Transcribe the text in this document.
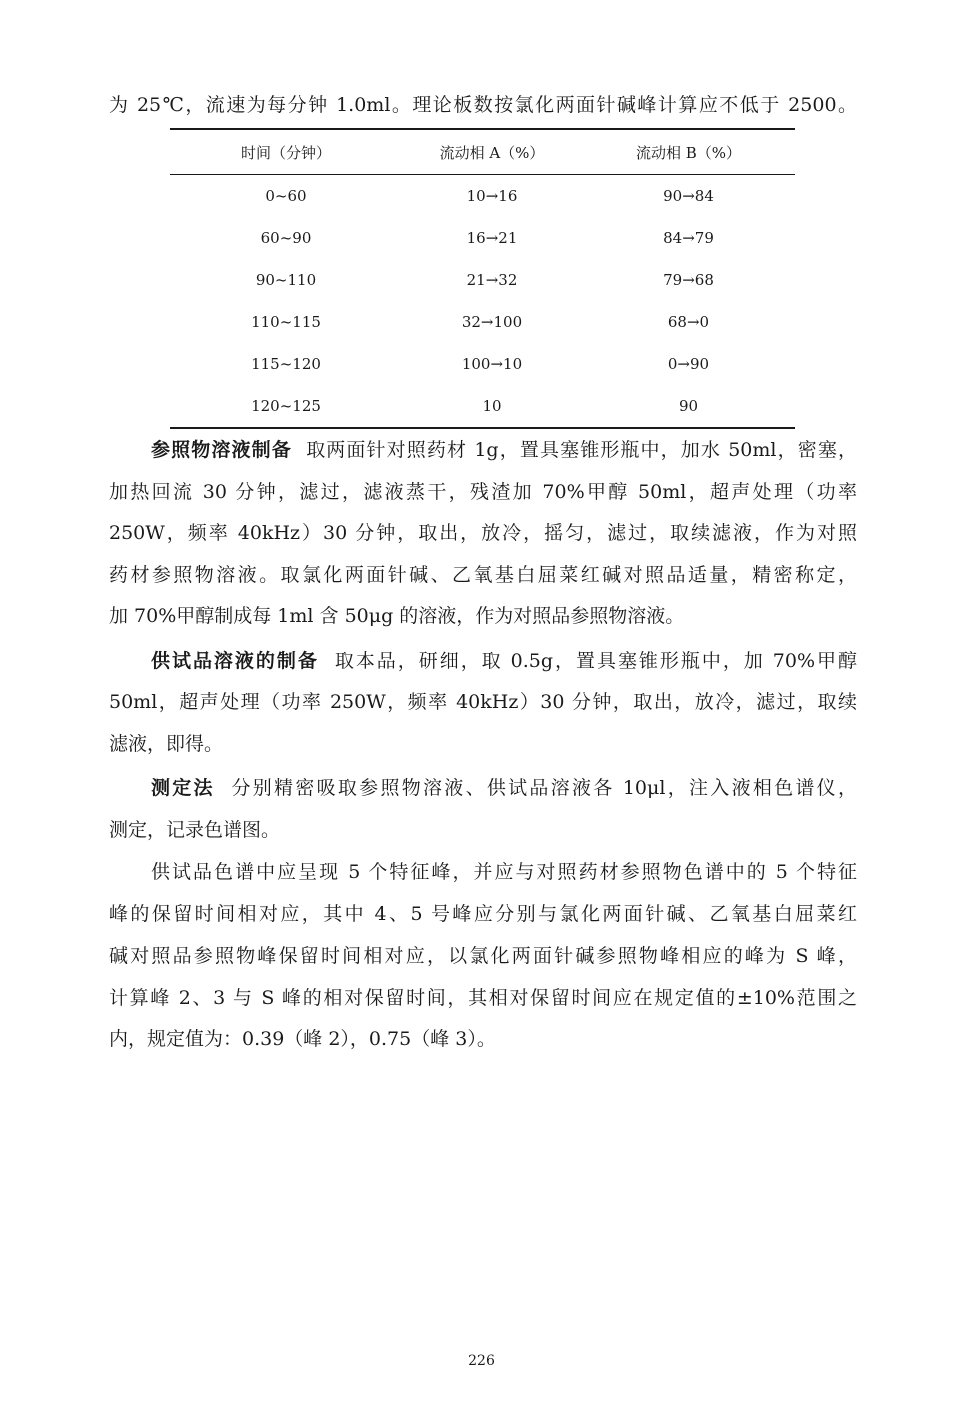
为 25℃，流速为每分钟 1.0ml。理论板数按氯化两面针碱峰计算应不低于 2500。
时间（分钟）	流动相 A（%）	流动相 B（%）
0~60	10→16	90→84
60~90	16→21	84→79
90~110	21→32	79→68
110~115	32→100	68→0
115~120	100→10	0→90
120~125	10	90
参照物溶液制备 取两面针对照药材 1g，置具塞锥形瓶中，加水 50ml，密塞，
加热回流 30 分钟，滤过，滤液蒸干，残渣加 70%甲醇 50ml，超声处理（功率
250W，频率 40kHz）30 分钟，取出，放冷，摇匀，滤过，取续滤液，作为对照
药材参照物溶液。取氯化两面针碱、乙氧基白屈菜红碱对照品适量，精密称定，
加 70%甲醇制成每 1ml 含 50μg 的溶液，作为对照品参照物溶液。
供试品溶液的制备 取本品，研细，取 0.5g，置具塞锥形瓶中，加 70%甲醇
50ml，超声处理（功率 250W，频率 40kHz）30 分钟，取出，放冷，滤过，取续
滤液，即得。
测定法 分别精密吸取参照物溶液、供试品溶液各 10μl，注入液相色谱仪，
测定，记录色谱图。
供试品色谱中应呈现 5 个特征峰，并应与对照药材参照物色谱中的 5 个特征
峰的保留时间相对应，其中 4、5 号峰应分别与氯化两面针碱、乙氧基白屈菜红
碱对照品参照物峰保留时间相对应，以氯化两面针碱参照物峰相应的峰为 S 峰，
计算峰 2、3 与 S 峰的相对保留时间，其相对保留时间应在规定值的±10%范围之
内，规定值为：0.39（峰 2），0.75（峰 3）。
226
